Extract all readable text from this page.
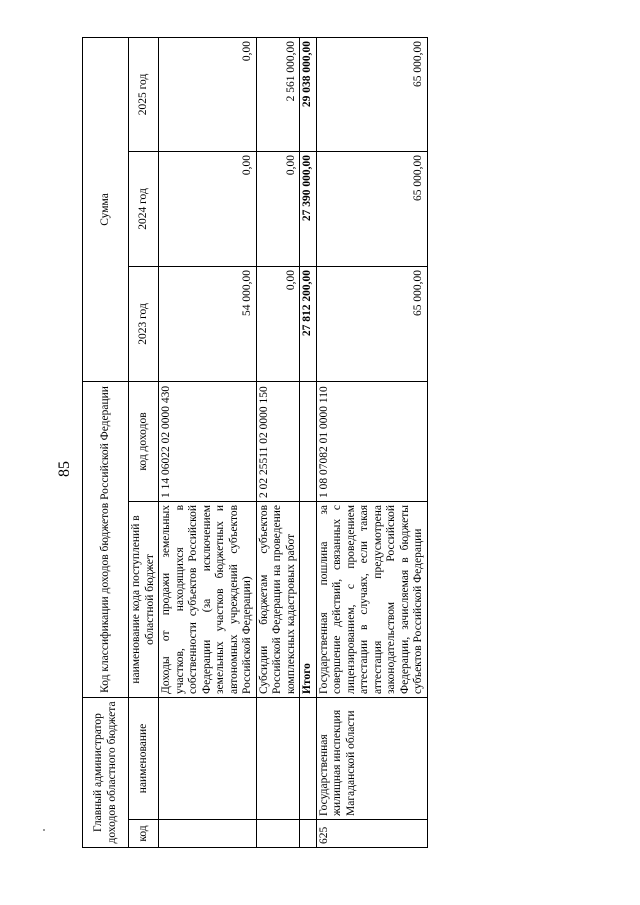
85
Главный администратор доходов областного бюджета		Код классификации доходов бюджетов Российской Федерации		Сумма		
код	наименование	наименование кода поступлений в областной бюджет	код доходов	2023 год	2024 год	2025 год
		Доходы от продажи земельных участков, находящихся в собственности субъектов Российской Федерации (за исключением земельных участков бюджетных и автономных учреждений субъектов Российской Федерации)	1 14 06022 02 0000 430	54 000,00	0,00	0,00
		Субсидии бюджетам субъектов Российской Федерации на проведение комплексных кадастровых работ	2 02 25511 02 0000 150	0,00	0,00	2 561 000,00
		Итого		27 812 200,00	27 390 000,00	29 038 000,00
625	Государственная жилищная инспекция Магаданской области	Государственная пошлина за совершение действий, связанных с лицензированием, с проведением аттестации в случаях, если такая аттестация предусмотрена законодательством Российской Федерации, зачисляемая в бюджеты субъектов Российской Федерации	1 08 07082 01 0000 110	65 000,00	65 000,00	65 000,00
